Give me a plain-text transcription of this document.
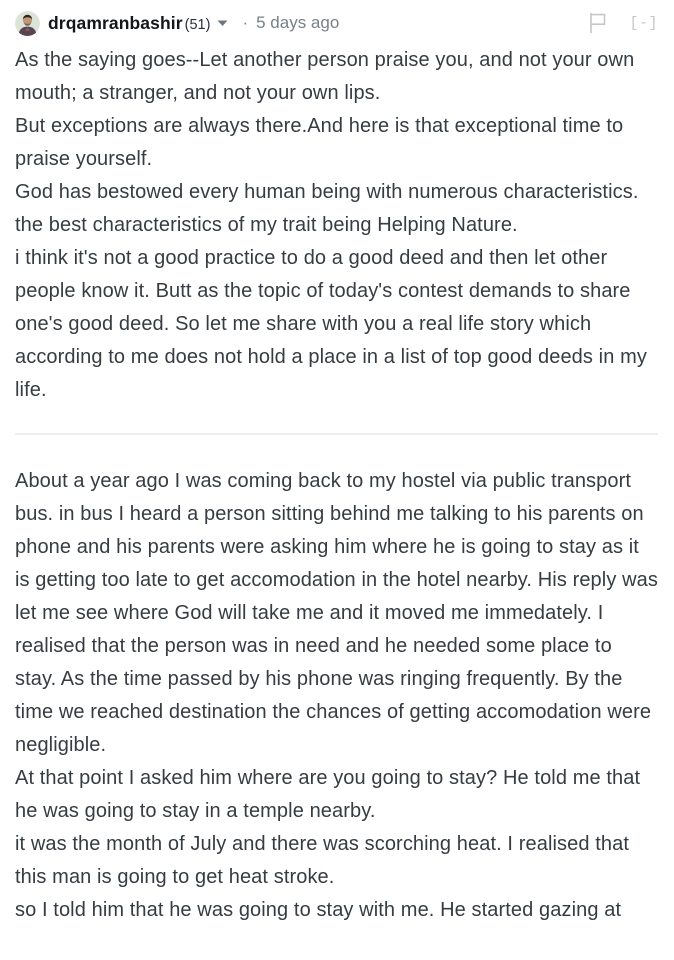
drqamranbashir (51) · 5 days ago	[-]

As the saying goes--Let another person praise you, and not your own mouth; a stranger, and not your own lips.

But exceptions are always there.And here is that exceptional time to praise yourself.

God has bestowed every human being with numerous characteristics. the best characteristics of my trait being Helping Nature.

i think it's not a good practice to do a good deed and then let other people know it. Butt as the topic of today's contest demands to share one's good deed. So let me share with you a real life story which according to me does not hold a place in a list of top good deeds in my life.

About a year ago I was coming back to my hostel via public transport bus. in bus I heard a person sitting behind me talking to his parents on phone and his parents were asking him where he is going to stay as it is getting too late to get accomodation in the hotel nearby. His reply was let me see where God will take me and it moved me immedately. I realised that the person was in need and he needed some place to stay. As the time passed by his phone was ringing frequently. By the time we reached destination the chances of getting accomodation were negligible.

At that point I asked him where are you going to stay? He told me that he was going to stay in a temple nearby.

it was the month of July and there was scorching heat. I realised that this man is going to get heat stroke.

so I told him that he was going to stay with me. He started gazing at
